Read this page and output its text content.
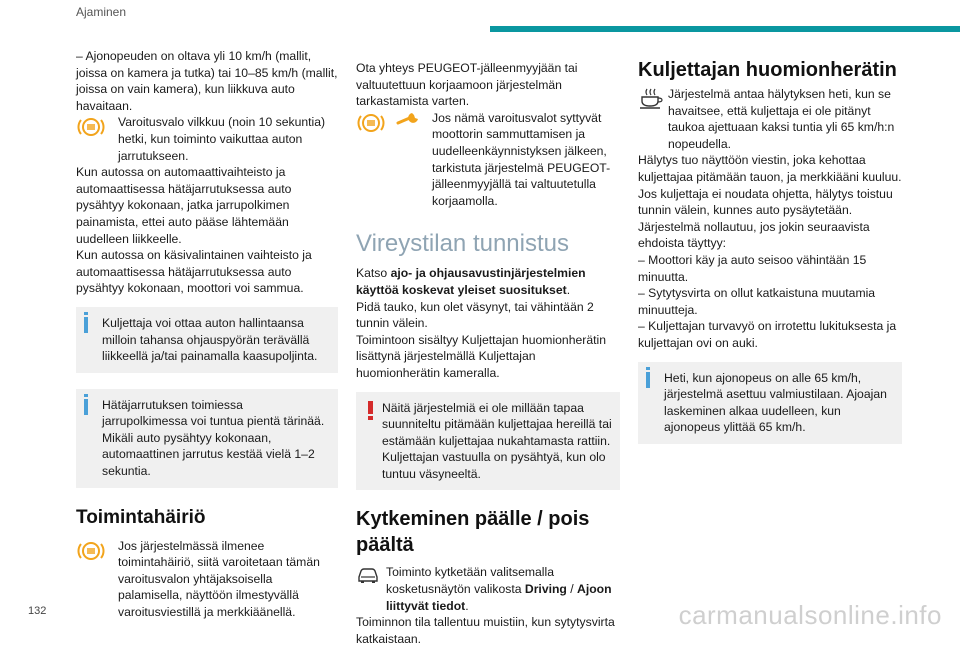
Ajaminen

– Ajonopeuden on oltava yli 10 km/h (mallit, joissa on kamera ja tutka) tai 10–85 km/h (mallit, joissa on vain kamera), kun liikkuva auto havaitaan.

Varoitusvalo vilkkuu (noin 10 sekuntia) hetki, kun toiminto vaikuttaa auton jarrutukseen.

Kun autossa on automaattivaihteisto ja automaattisessa hätäjarrutuksessa auto pysähtyy kokonaan, jatka jarrupolkimen painamista, ettei auto pääse lähtemään uudelleen liikkeelle.

Kun autossa on käsivalintainen vaihteisto ja automaattisessa hätäjarrutuksessa auto pysähtyy kokonaan, moottori voi sammua.

Kuljettaja voi ottaa auton hallintaansa milloin tahansa ohjauspyörän terävällä liikkeellä ja/tai painamalla kaasupoljinta.
Hätäjarrutuksen toimiessa jarrupolkimessa voi tuntua pientä tärinää. Mikäli auto pysähtyy kokonaan, automaattinen jarrutus kestää vielä 1–2 sekuntia.
Toimintahäiriö
Jos järjestelmässä ilmenee toimintahäiriö, siitä varoitetaan tämän varoitusvalon yhtäjaksoisella palamisella, näyttöön ilmestyvällä varoitusviestillä ja merkkiäänellä.

Ota yhteys PEUGEOT-jälleenmyyjään tai valtuutettuun korjaamoon järjestelmän tarkastamista varten.

Jos nämä varoitusvalot syttyvät moottorin sammuttamisen ja uudelleenkäynnistyksen jälkeen, tarkistuta järjestelmä PEUGEOT-jälleenmyyjällä tai valtuutetulla korjaamolla.
Vireystilan tunnistus

Katso ajo- ja ohjausavustinjärjestelmien käyttöä koskevat yleiset suositukset.

Pidä tauko, kun olet väsynyt, tai vähintään 2 tunnin välein.

Toimintoon sisältyy Kuljettajan huomionherätin lisättynä järjestelmällä Kuljettajan huomionherätin kameralla.

Näitä järjestelmiä ei ole millään tapaa suunniteltu pitämään kuljettajaa hereillä tai estämään kuljettajaa nukahtamasta rattiin. Kuljettajan vastuulla on pysähtyä, kun olo tuntuu väsyneeltä.
Kytkeminen päälle / pois päältä
Toiminto kytketään valitsemalla kosketusnäytön valikosta Driving / Ajoon liittyvät tiedot.

Toiminnon tila tallentuu muistiin, kun sytytysvirta katkaistaan.

Kuljettajan huomionherätin
Järjestelmä antaa hälytyksen heti, kun se havaitsee, että kuljettaja ei ole pitänyt taukoa ajettuaan kaksi tuntia yli 65 km/h:n nopeudella.

Hälytys tuo näyttöön viestin, joka kehottaa kuljettajaa pitämään tauon, ja merkkiääni kuuluu.

Jos kuljettaja ei noudata ohjetta, hälytys toistuu tunnin välein, kunnes auto pysäytetään.

Järjestelmä nollautuu, jos jokin seuraavista ehdoista täyttyy:

– Moottori käy ja auto seisoo vähintään 15 minuutta.

– Sytytysvirta on ollut katkaistuna muutamia minuutteja.

– Kuljettajan turvavyö on irrotettu lukituksesta ja kuljettajan ovi on auki.

Heti, kun ajonopeus on alle 65 km/h, järjestelmä asettuu valmiustilaan. Ajoajan laskeminen alkaa uudelleen, kun ajonopeus ylittää 65 km/h.
132	carmanualsonline.info
